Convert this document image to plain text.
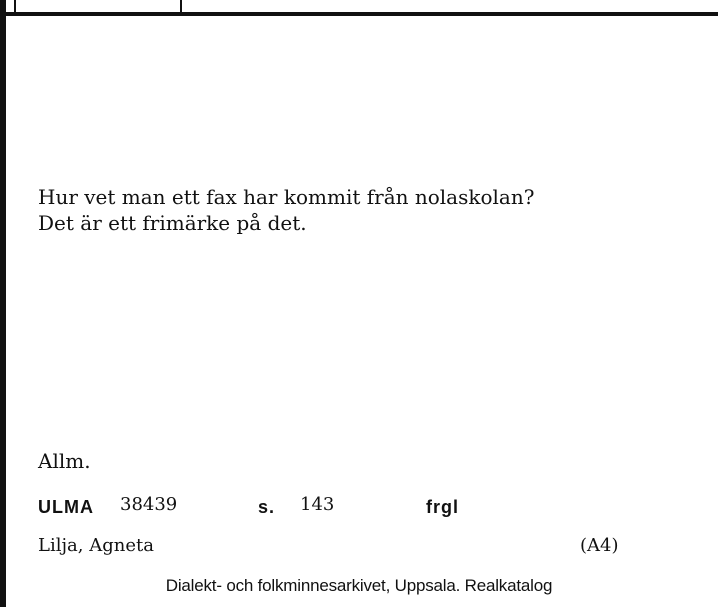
Hur vet man ett fax har kommit från nolaskolan?
Det är ett frimärke på det.
Allm.
ULMA 38439	s. 143	frgl
Lilja, Agneta	(A4)
Dialekt- och folkminnesarkivet, Uppsala. Realkatalog
